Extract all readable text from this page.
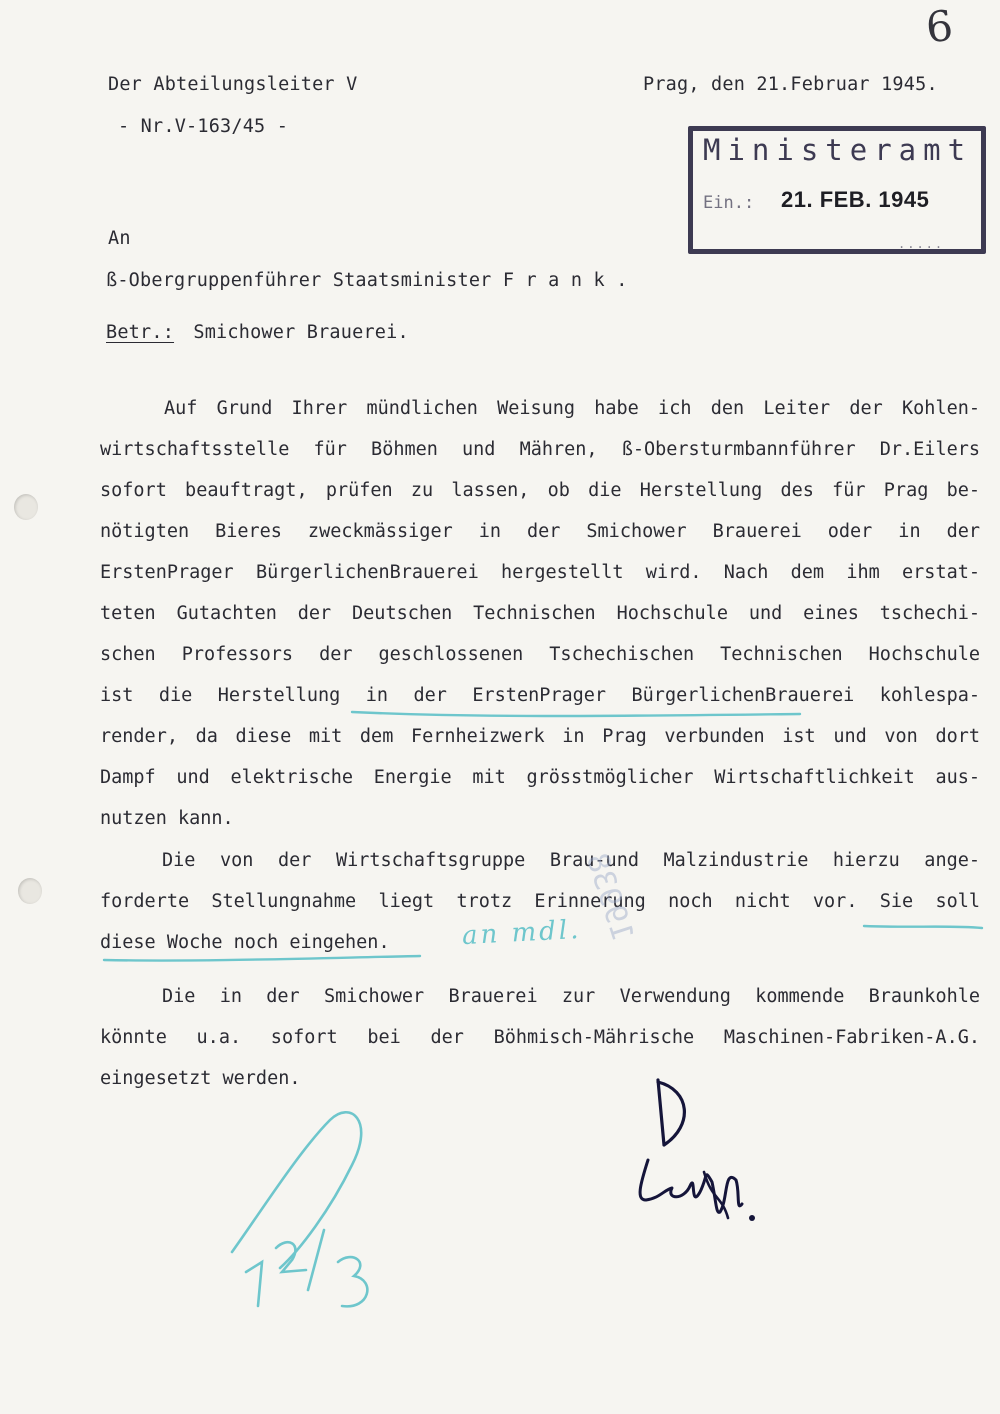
6
Der Abteilungsleiter V
- Nr.V-163/45 -
Prag, den 21.Februar 1945.
Ministeramt
Ein.: 21. FEB. 1945
.....
An
ß-Obergruppenführer Staatsminister F r a n k .
Betr.: Smichower Brauerei.
Auf Grund Ihrer mündlichen Weisung habe ich den Leiter der Kohlen-
wirtschaftsstelle für Böhmen und Mähren, ß-Obersturmbannführer Dr.Eilers
sofort beauftragt, prüfen zu lassen, ob die Herstellung des für Prag be-
nötigten Bieres zweckmässiger in der Smichower Brauerei oder in der
ErstenPrager BürgerlichenBrauerei hergestellt wird. Nach dem ihm erstat-
teten Gutachten der Deutschen Technischen Hochschule und eines tschechi-
schen Professors der geschlossenen Tschechischen Technischen Hochschule
ist die Herstellung in der ErstenPrager BürgerlichenBrauerei kohlespa-
render, da diese mit dem Fernheizwerk in Prag verbunden ist und von dort
Dampf und elektrische Energie mit grösstmöglicher Wirtschaftlichkeit aus-
nutzen kann.
Die von der Wirtschaftsgruppe Brau-und Malzindustrie hierzu ange-
forderte Stellungnahme liegt trotz Erinnerung noch nicht vor. Sie soll
diese Woche noch eingehen.
Die in der Smichower Brauerei zur Verwendung kommende Braunkohle
könnte u.a. sofort bei der Böhmisch-Mährische Maschinen-Fabriken-A.G.
eingesetzt werden.
19938
an mdl.
